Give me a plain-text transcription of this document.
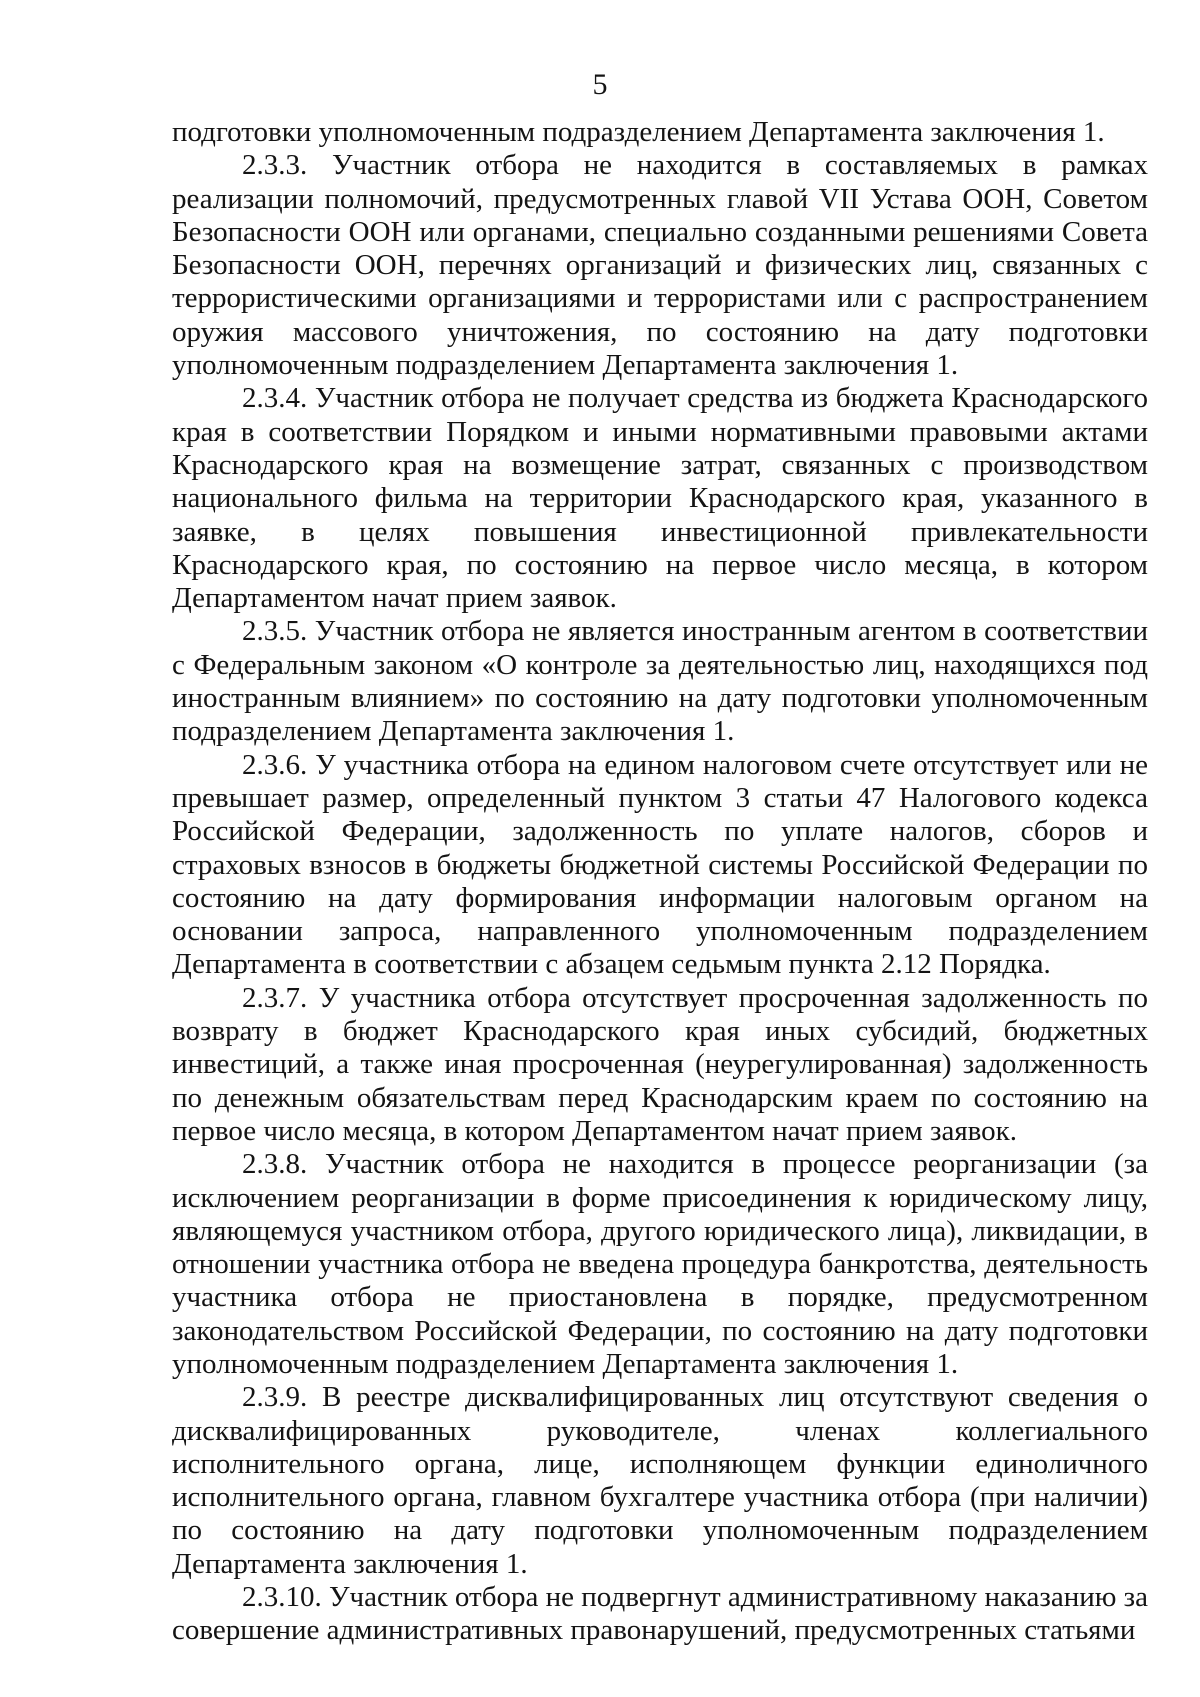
5

подготовки уполномоченным подразделением Департамента заключения 1.

2.3.3. Участник отбора не находится в составляемых в рамках реализации полномочий, предусмотренных главой VII Устава ООН, Советом Безопасности ООН или органами, специально созданными решениями Совета Безопасности ООН, перечнях организаций и физических лиц, связанных с террористическими организациями и террористами или с распространением оружия массового уничтожения, по состоянию на дату подготовки уполномоченным подразделением Департамента заключения 1.

2.3.4. Участник отбора не получает средства из бюджета Краснодарского края в соответствии Порядком и иными нормативными правовыми актами Краснодарского края на возмещение затрат, связанных с производством национального фильма на территории Краснодарского края, указанного в заявке, в целях повышения инвестиционной привлекательности Краснодарского края, по состоянию на первое число месяца, в котором Департаментом начат прием заявок.

2.3.5. Участник отбора не является иностранным агентом в соответствии с Федеральным законом «О контроле за деятельностью лиц, находящихся под иностранным влиянием» по состоянию на дату подготовки уполномоченным подразделением Департамента заключения 1.

2.3.6. У участника отбора на едином налоговом счете отсутствует или не превышает размер, определенный пунктом 3 статьи 47 Налогового кодекса Российской Федерации, задолженность по уплате налогов, сборов и страховых взносов в бюджеты бюджетной системы Российской Федерации по состоянию на дату формирования информации налоговым органом на основании запроса, направленного уполномоченным подразделением Департамента в соответствии с абзацем седьмым пункта 2.12 Порядка.

2.3.7. У участника отбора отсутствует просроченная задолженность по возврату в бюджет Краснодарского края иных субсидий, бюджетных инвестиций, а также иная просроченная (неурегулированная) задолженность по денежным обязательствам перед Краснодарским краем по состоянию на первое число месяца, в котором Департаментом начат прием заявок.

2.3.8. Участник отбора не находится в процессе реорганизации (за исключением реорганизации в форме присоединения к юридическому лицу, являющемуся участником отбора, другого юридического лица), ликвидации, в отношении участника отбора не введена процедура банкротства, деятельность участника отбора не приостановлена в порядке, предусмотренном законодательством Российской Федерации, по состоянию на дату подготовки уполномоченным подразделением Департамента заключения 1.

2.3.9. В реестре дисквалифицированных лиц отсутствуют сведения о дисквалифицированных руководителе, членах коллегиального исполнительного органа, лице, исполняющем функции единоличного исполнительного органа, главном бухгалтере участника отбора (при наличии) по состоянию на дату подготовки уполномоченным подразделением Департамента заключения 1.

2.3.10. Участник отбора не подвергнут административному наказанию за совершение административных правонарушений, предусмотренных статьями
